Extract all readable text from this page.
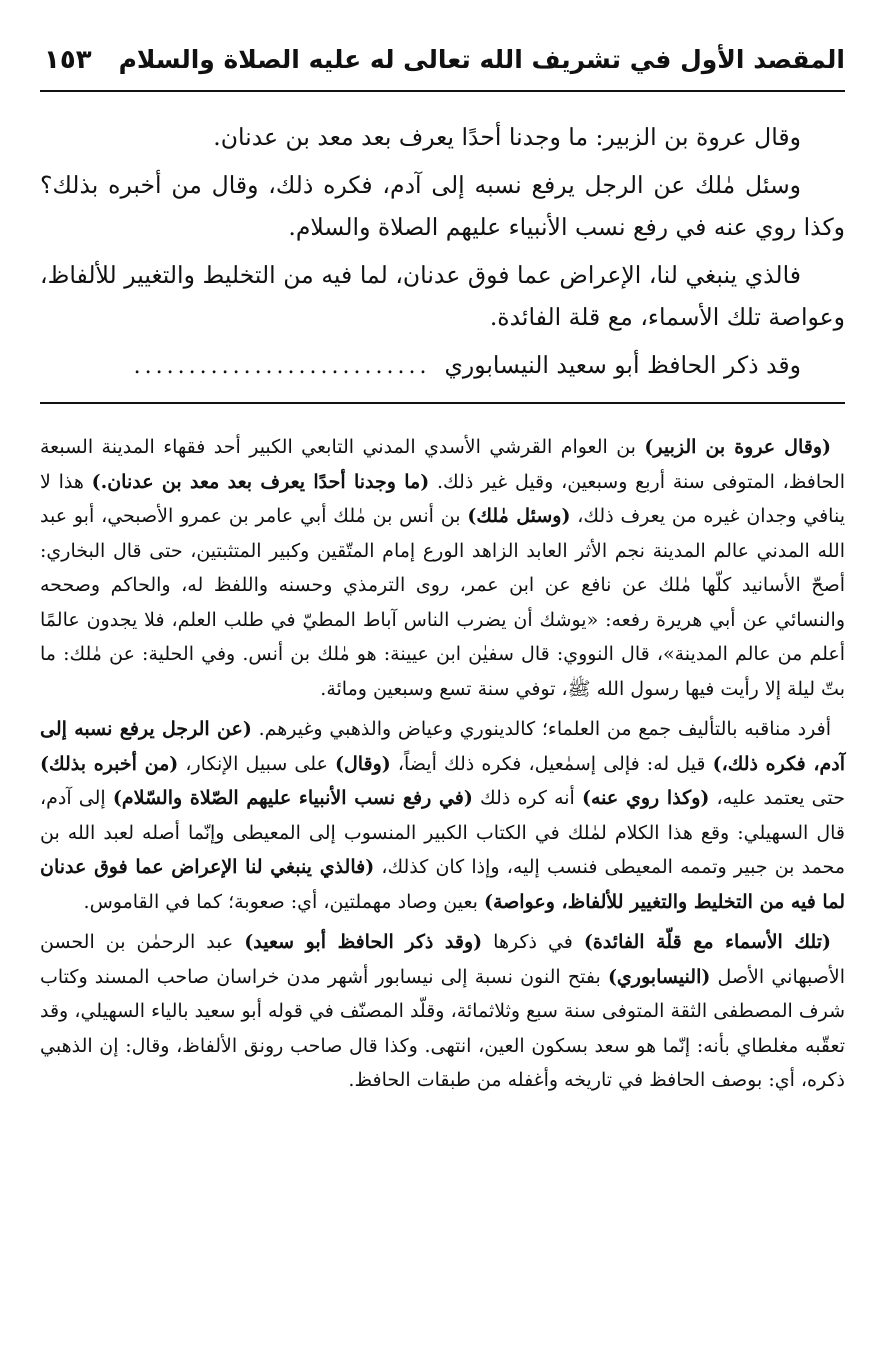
المقصد الأول في تشريف الله تعالى له عليه الصلاة والسلام
١٥٣

وقال عروة بن الزبير: ما وجدنا أحدًا يعرف بعد معد بن عدنان.

وسئل مٰلك عن الرجل يرفع نسبه إلى آدم، فكره ذلك، وقال من أخبره بذلك؟ وكذا روي عنه في رفع نسب الأنبياء عليهم الصلاة والسلام.

فالذي ينبغي لنا، الإعراض عما فوق عدنان، لما فيه من التخليط والتغيير للألفاظ، وعواصة تلك الأسماء، مع قلة الفائدة.

وقد ذكر الحافظ أبو سعيد النيسابوري
...........................

(وقال عروة بن الزبير) بن العوام القرشي الأسدي المدني التابعي الكبير أحد فقهاء المدينة السبعة الحافظ، المتوفى سنة أربع وسبعين، وقيل غير ذلك. (ما وجدنا أحدًا يعرف بعد معد بن عدنان.) هذا لا ينافي وجدان غيره من يعرف ذلك، (وسئل مٰلك) بن أنس بن مٰلك أبي عامر بن عمرو الأصبحي، أبو عبد الله المدني عالم المدينة نجم الأثر العابد الزاهد الورع إمام المتّقين وكبير المتثبتين، حتى قال البخاري: أصحّ الأسانيد كلّها مٰلك عن نافع عن ابن عمر، روى الترمذي وحسنه واللفظ له، والحاكم وصححه والنسائي عن أبي هريرة رفعه: «يوشك أن يضرب الناس آباط المطيّ في طلب العلم، فلا يجدون عالمًا أعلم من عالم المدينة»، قال النووي: قال سفيٰن ابن عيينة: هو مٰلك بن أنس. وفي الحلية: عن مٰلك: ما بتّ ليلة إلا رأيت فيها رسول الله ﷺ، توفي سنة تسع وسبعين ومائة.

أفرد مناقبه بالتأليف جمع من العلماء؛ كالدينوري وعياض والذهبي وغيرهم. (عن الرجل يرفع نسبه إلى آدم، فكره ذلك،) قيل له: فإلى إسمٰعيل، فكره ذلك أيضاً، (وقال) على سبيل الإنكار، (من أخبره بذلك) حتى يعتمد عليه، (وكذا روي عنه) أنه كره ذلك (في رفع نسب الأنبياء عليهم الصّلاة والسّلام) إلى آدم، قال السهيلي: وقع هذا الكلام لمٰلك في الكتاب الكبير المنسوب إلى المعيطى وإنّما أصله لعبد الله بن محمد بن جبير وتممه المعيطى فنسب إليه، وإذا كان كذلك، (فالذي ينبغي لنا الإعراض عما فوق عدنان لما فيه من التخليط والتغيير للألفاظ، وعواصة) بعين وصاد مهملتين، أي: صعوبة؛ كما في القاموس.

(تلك الأسماء مع قلّة الفائدة) في ذكرها (وقد ذكر الحافظ أبو سعيد) عبد الرحمٰن بن الحسن الأصبهاني الأصل (النيسابوري) بفتح النون نسبة إلى نيسابور أشهر مدن خراسان صاحب المسند وكتاب شرف المصطفى الثقة المتوفى سنة سبع وثلاثمائة، وقلّد المصنّف في قوله أبو سعيد بالياء السهيلي، وقد تعقّبه مغلطاي بأنه: إنّما هو سعد بسكون العين، انتهى. وكذا قال صاحب رونق الألفاظ، وقال: إن الذهبي ذكره، أي: بوصف الحافظ في تاريخه وأغفله من طبقات الحافظ.
